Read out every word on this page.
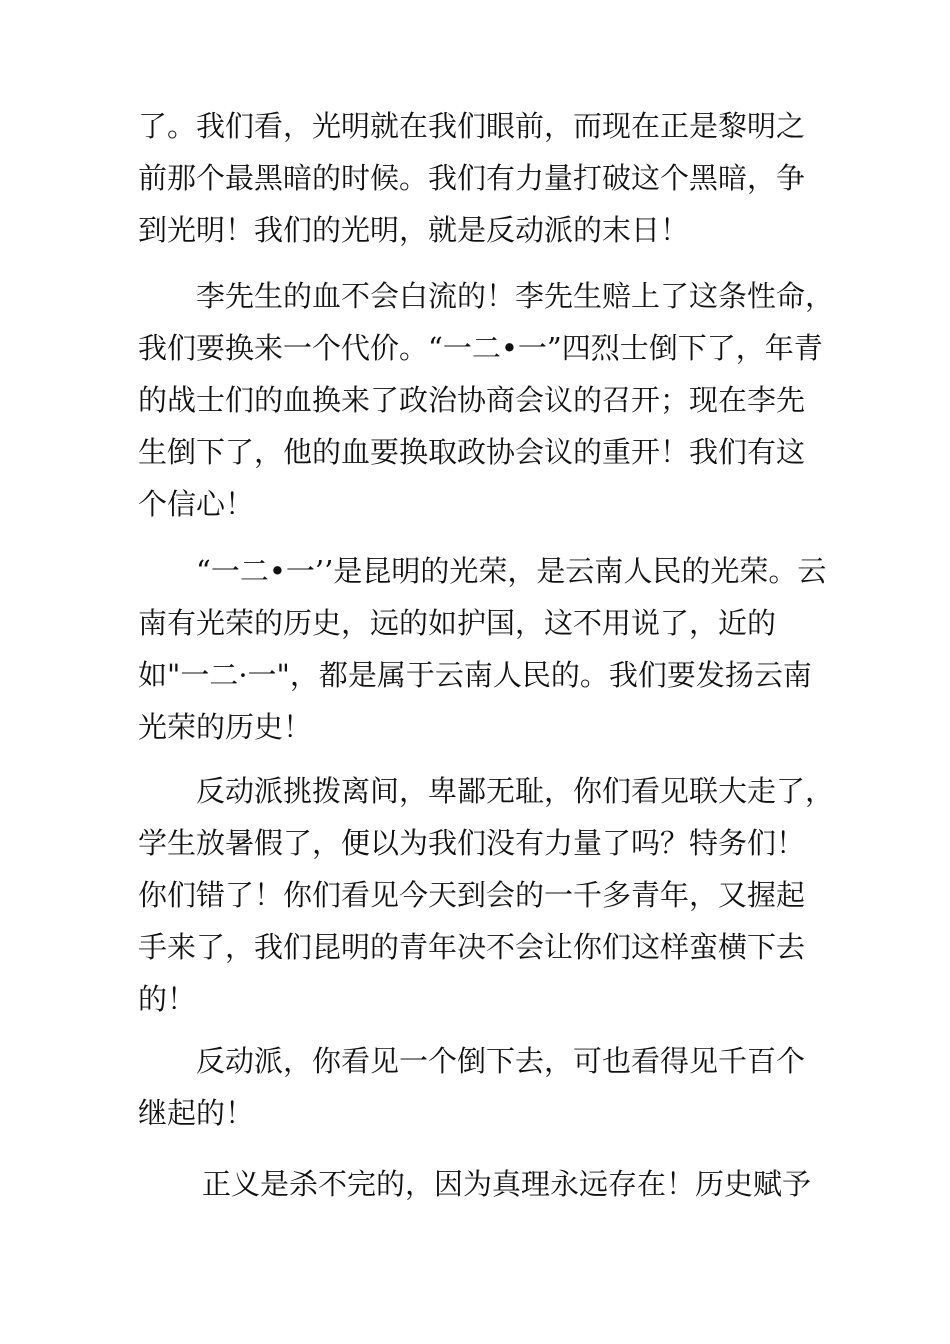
了。我们看，光明就在我们眼前，而现在正是黎明之
前那个最黑暗的时候。我们有力量打破这个黑暗，争
到光明！我们的光明，就是反动派的末日！
李先生的血不会白流的！李先生赔上了这条性命，
我们要换来一个代价。“一二•一”四烈士倒下了，年青
的战士们的血换来了政治协商会议的召开；现在李先
生倒下了，他的血要换取政协会议的重开！我们有这
个信心！
“一二•一’’是昆明的光荣，是云南人民的光荣。云
南有光荣的历史，远的如护国，这不用说了，近的
如"一二·一"，都是属于云南人民的。我们要发扬云南
光荣的历史！
反动派挑拨离间，卑鄙无耻，你们看见联大走了，
学生放暑假了，便以为我们没有力量了吗？特务们！
你们错了！你们看见今天到会的一千多青年，又握起
手来了，我们昆明的青年决不会让你们这样蛮横下去
的！
反动派，你看见一个倒下去，可也看得见千百个
继起的！
正义是杀不完的，因为真理永远存在！历史赋予
